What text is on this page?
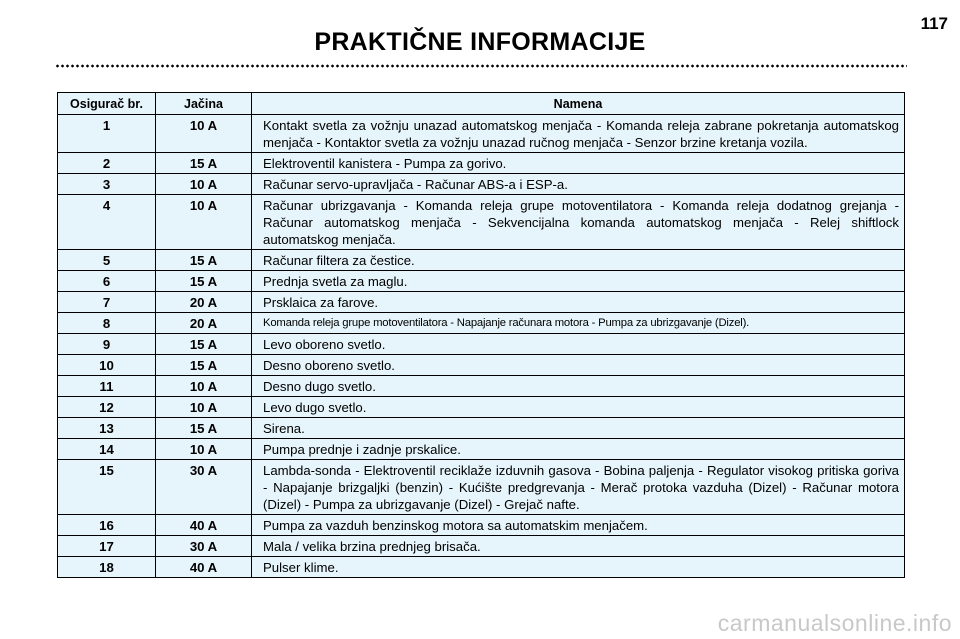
117
PRAKTIČNE INFORMACIJE
Osigurač br.	Jačina	Namena
1	10 A	Kontakt svetla za vožnju unazad automatskog menjača - Komanda releja zabrane pokretanja automatskog menjača - Kontaktor svetla za vožnju unazad ručnog menjača - Senzor brzine kretanja vozila.
2	15 A	Elektroventil kanistera - Pumpa za gorivo.
3	10 A	Računar servo-upravljača - Računar ABS-a i ESP-a.
4	10 A	Računar ubrizgavanja - Komanda releja grupe motoventilatora - Komanda releja dodatnog grejanja - Računar automatskog menjača - Sekvencijalna komanda automatskog menjača - Relej shiftlock automatskog menjača.
5	15 A	Računar filtera za čestice.
6	15 A	Prednja svetla za maglu.
7	20 A	Prsklaica za farove.
8	20 A	Komanda releja grupe motoventilatora - Napajanje računara motora - Pumpa za ubrizgavanje (Dizel).
9	15 A	Levo oboreno svetlo.
10	15 A	Desno oboreno svetlo.
11	10 A	Desno dugo svetlo.
12	10 A	Levo dugo svetlo.
13	15 A	Sirena.
14	10 A	Pumpa prednje i zadnje prskalice.
15	30 A	Lambda-sonda - Elektroventil reciklaže izduvnih gasova - Bobina paljenja - Regulator visokog pritiska goriva - Napajanje brizgaljki (benzin) - Kućište predgrevanja - Merač protoka vazduha (Dizel) - Računar motora (Dizel) - Pumpa za ubrizgavanje (Dizel) - Grejač nafte.
16	40 A	Pumpa za vazduh benzinskog motora sa automatskim menjačem.
17	30 A	Mala / velika brzina prednjeg brisača.
18	40 A	Pulser klime.
carmanualsonline.info
